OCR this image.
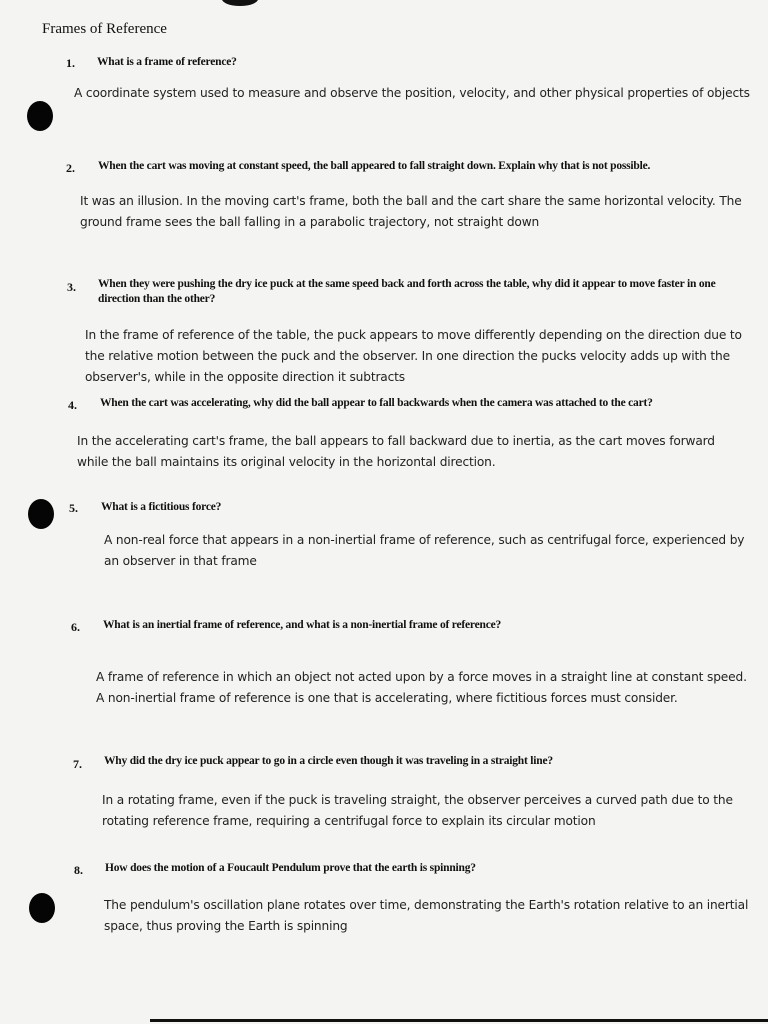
Frames of Reference
1. What is a frame of reference?
A coordinate system used to measure and observe the position, velocity, and other physical properties of objects
2. When the cart was moving at constant speed, the ball appeared to fall straight down. Explain why that is not possible.
It was an illusion. In the moving cart's frame, both the ball and the cart share the same horizontal velocity. The ground frame sees the ball falling in a parabolic trajectory, not straight down
3. When they were pushing the dry ice puck at the same speed back and forth across the table, why did it appear to move faster in one direction than the other?
In the frame of reference of the table, the puck appears to move differently depending on the direction due to the relative motion between the puck and the observer. In one direction the pucks velocity adds up with the observer's, while in the opposite direction it subtracts
4. When the cart was accelerating, why did the ball appear to fall backwards when the camera was attached to the cart?
In the accelerating cart's frame, the ball appears to fall backward due to inertia, as the cart moves forward while the ball maintains its original velocity in the horizontal direction.
5. What is a fictitious force?
A non-real force that appears in a non-inertial frame of reference, such as centrifugal force, experienced by an observer in that frame
6. What is an inertial frame of reference, and what is a non-inertial frame of reference?
A frame of reference in which an object not acted upon by a force moves in a straight line at constant speed. A non-inertial frame of reference is one that is accelerating, where fictitious forces must consider.
7. Why did the dry ice puck appear to go in a circle even though it was traveling in a straight line?
In a rotating frame, even if the puck is traveling straight, the observer perceives a curved path due to the rotating reference frame, requiring a centrifugal force to explain its circular motion
8. How does the motion of a Foucault Pendulum prove that the earth is spinning?
The pendulum's oscillation plane rotates over time, demonstrating the Earth's rotation relative to an inertial space, thus proving the Earth is spinning
